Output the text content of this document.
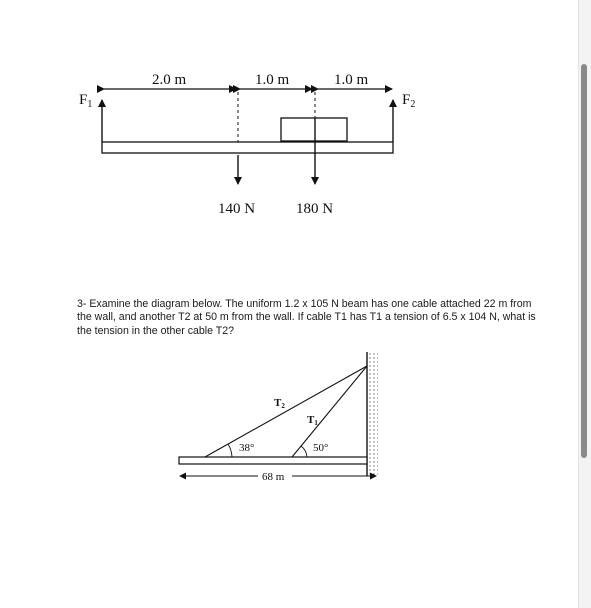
2.0 m	1.0 m	1.0 m
$F_1$	$F_2$
140 N	180 N

3- Examine the diagram below. The uniform 1.2 x 105 N beam has one cable attached 22 m from the wall, and another T2 at 50 m from the wall. If cable T1 has T1 a tension of 6.5 x 104 N, what is the tension in the other cable T2?

T2
T1
38°	50°
68 m
